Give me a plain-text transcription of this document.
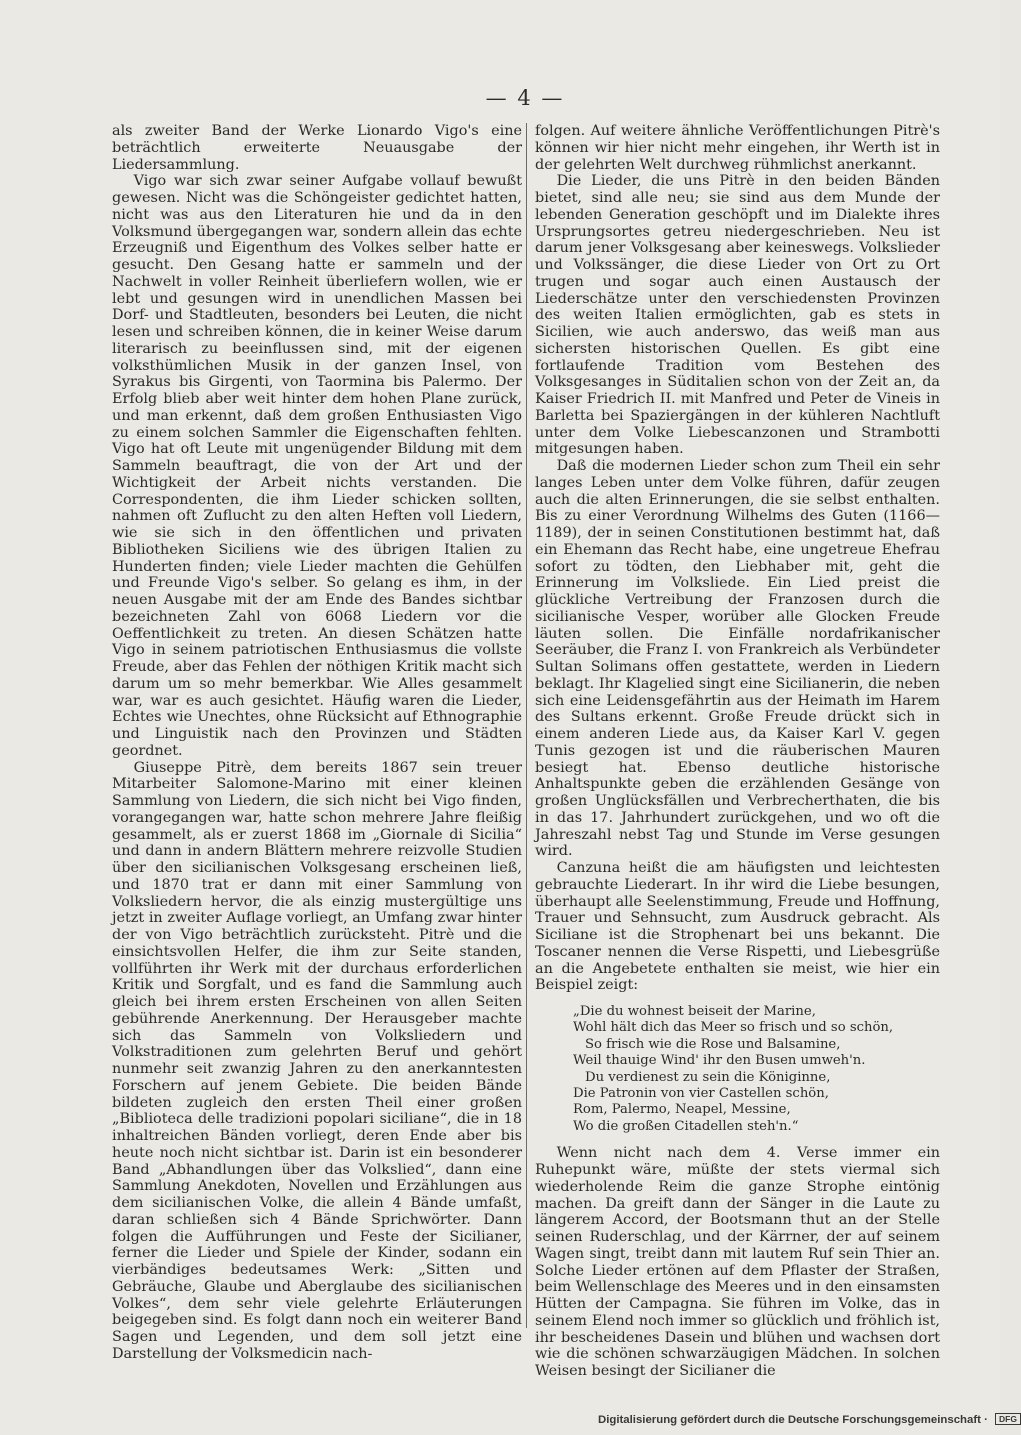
— 4 —

als zweiter Band der Werke Lionardo Vigo's eine beträchtlich erweiterte Neuausgabe der Liedersammlung.

Vigo war sich zwar seiner Aufgabe vollauf bewußt gewesen. Nicht was die Schöngeister gedichtet hatten, nicht was aus den Literaturen hie und da in den Volksmund übergegangen war, sondern allein das echte Erzeugniß und Eigenthum des Volkes selber hatte er gesucht. Den Gesang hatte er sammeln und der Nachwelt in voller Reinheit überliefern wollen, wie er lebt und gesungen wird in unendlichen Massen bei Dorf- und Stadtleuten, besonders bei Leuten, die nicht lesen und schreiben können, die in keiner Weise darum literarisch zu beeinflussen sind, mit der eigenen volksthümlichen Musik in der ganzen Insel, von Syrakus bis Girgenti, von Taormina bis Palermo. Der Erfolg blieb aber weit hinter dem hohen Plane zurück, und man erkennt, daß dem großen Enthusiasten Vigo zu einem solchen Sammler die Eigenschaften fehlten. Vigo hat oft Leute mit ungenügender Bildung mit dem Sammeln beauftragt, die von der Art und der Wichtigkeit der Arbeit nichts verstanden. Die Correspondenten, die ihm Lieder schicken sollten, nahmen oft Zuflucht zu den alten Heften voll Liedern, wie sie sich in den öffentlichen und privaten Bibliotheken Siciliens wie des übrigen Italien zu Hunderten finden; viele Lieder machten die Gehülfen und Freunde Vigo's selber. So gelang es ihm, in der neuen Ausgabe mit der am Ende des Bandes sichtbar bezeichneten Zahl von 6068 Liedern vor die Oeffentlichkeit zu treten. An diesen Schätzen hatte Vigo in seinem patriotischen Enthusiasmus die vollste Freude, aber das Fehlen der nöthigen Kritik macht sich darum um so mehr bemerkbar. Wie Alles gesammelt war, war es auch gesichtet. Häufig waren die Lieder, Echtes wie Unechtes, ohne Rücksicht auf Ethnographie und Linguistik nach den Provinzen und Städten geordnet.

Giuseppe Pitrè, dem bereits 1867 sein treuer Mitarbeiter Salomone-Marino mit einer kleinen Sammlung von Liedern, die sich nicht bei Vigo finden, vorangegangen war, hatte schon mehrere Jahre fleißig gesammelt, als er zuerst 1868 im „Giornale di Sicilia“ und dann in andern Blättern mehrere reizvolle Studien über den sicilianischen Volksgesang erscheinen ließ, und 1870 trat er dann mit einer Sammlung von Volksliedern hervor, die als einzig mustergültige uns jetzt in zweiter Auflage vorliegt, an Umfang zwar hinter der von Vigo beträchtlich zurücksteht. Pitrè und die einsichtsvollen Helfer, die ihm zur Seite standen, vollführten ihr Werk mit der durchaus erforderlichen Kritik und Sorgfalt, und es fand die Sammlung auch gleich bei ihrem ersten Erscheinen von allen Seiten gebührende Anerkennung. Der Herausgeber machte sich das Sammeln von Volksliedern und Volkstraditionen zum gelehrten Beruf und gehört nunmehr seit zwanzig Jahren zu den anerkanntesten Forschern auf jenem Gebiete. Die beiden Bände bildeten zugleich den ersten Theil einer großen „Biblioteca delle tradizioni popolari siciliane“, die in 18 inhaltreichen Bänden vorliegt, deren Ende aber bis heute noch nicht sichtbar ist. Darin ist ein besonderer Band „Abhandlungen über das Volkslied“, dann eine Sammlung Anekdoten, Novellen und Erzählungen aus dem sicilianischen Volke, die allein 4 Bände umfaßt, daran schließen sich 4 Bände Sprichwörter. Dann folgen die Aufführungen und Feste der Sicilianer, ferner die Lieder und Spiele der Kinder, sodann ein vierbändiges bedeutsames Werk: „Sitten und Gebräuche, Glaube und Aberglaube des sicilianischen Volkes“, dem sehr viele gelehrte Erläuterungen beigegeben sind. Es folgt dann noch ein weiterer Band Sagen und Legenden, und dem soll jetzt eine Darstellung der Volksmedicin nach-

folgen. Auf weitere ähnliche Veröffentlichungen Pitrè's können wir hier nicht mehr eingehen, ihr Werth ist in der gelehrten Welt durchweg rühmlichst anerkannt.

Die Lieder, die uns Pitrè in den beiden Bänden bietet, sind alle neu; sie sind aus dem Munde der lebenden Generation geschöpft und im Dialekte ihres Ursprungsortes getreu niedergeschrieben. Neu ist darum jener Volksgesang aber keineswegs. Volkslieder und Volkssänger, die diese Lieder von Ort zu Ort trugen und sogar auch einen Austausch der Liederschätze unter den verschiedensten Provinzen des weiten Italien ermöglichten, gab es stets in Sicilien, wie auch anderswo, das weiß man aus sichersten historischen Quellen. Es gibt eine fortlaufende Tradition vom Bestehen des Volksgesanges in Süditalien schon von der Zeit an, da Kaiser Friedrich II. mit Manfred und Peter de Vineis in Barletta bei Spaziergängen in der kühleren Nachtluft unter dem Volke Liebescanzonen und Strambotti mitgesungen haben.

Daß die modernen Lieder schon zum Theil ein sehr langes Leben unter dem Volke führen, dafür zeugen auch die alten Erinnerungen, die sie selbst enthalten. Bis zu einer Verordnung Wilhelms des Guten (1166—1189), der in seinen Constitutionen bestimmt hat, daß ein Ehemann das Recht habe, eine ungetreue Ehefrau sofort zu tödten, den Liebhaber mit, geht die Erinnerung im Volksliede. Ein Lied preist die glückliche Vertreibung der Franzosen durch die sicilianische Vesper, worüber alle Glocken Freude läuten sollen. Die Einfälle nordafrikanischer Seeräuber, die Franz I. von Frankreich als Verbündeter Sultan Solimans offen gestattete, werden in Liedern beklagt. Ihr Klagelied singt eine Sicilianerin, die neben sich eine Leidensgefährtin aus der Heimath im Harem des Sultans erkennt. Große Freude drückt sich in einem anderen Liede aus, da Kaiser Karl V. gegen Tunis gezogen ist und die räuberischen Mauren besiegt hat. Ebenso deutliche historische Anhaltspunkte geben die erzählenden Gesänge von großen Unglücksfällen und Verbrecherthaten, die bis in das 17. Jahrhundert zurückgehen, und wo oft die Jahreszahl nebst Tag und Stunde im Verse gesungen wird.

Canzuna heißt die am häufigsten und leichtesten gebrauchte Liederart. In ihr wird die Liebe besungen, überhaupt alle Seelenstimmung, Freude und Hoffnung, Trauer und Sehnsucht, zum Ausdruck gebracht. Als Siciliane ist die Strophenart bei uns bekannt. Die Toscaner nennen die Verse Rispetti, und Liebesgrüße an die Angebetete enthalten sie meist, wie hier ein Beispiel zeigt:

„Die du wohnest beiseit der Marine,
Wohl hält dich das Meer so frisch und so schön,
So frisch wie die Rose und Balsamine,
Weil thauige Wind' ihr den Busen umweh'n.
Du verdienest zu sein die Königinne,
Die Patronin von vier Castellen schön,
Rom, Palermo, Neapel, Messine,
Wo die großen Citadellen steh'n.“

Wenn nicht nach dem 4. Verse immer ein Ruhepunkt wäre, müßte der stets viermal sich wiederholende Reim die ganze Strophe eintönig machen. Da greift dann der Sänger in die Laute zu längerem Accord, der Bootsmann thut an der Stelle seinen Ruderschlag, und der Kärrner, der auf seinem Wagen singt, treibt dann mit lautem Ruf sein Thier an. Solche Lieder ertönen auf dem Pflaster der Straßen, beim Wellenschlage des Meeres und in den einsamsten Hütten der Campagna. Sie führen im Volke, das in seinem Elend noch immer so glücklich und fröhlich ist, ihr bescheidenes Dasein und blühen und wachsen dort wie die schönen schwarzäugigen Mädchen. In solchen Weisen besingt der Sicilianer die

Digitalisierung gefördert durch die Deutsche Forschungsgemeinschaft · DFG
